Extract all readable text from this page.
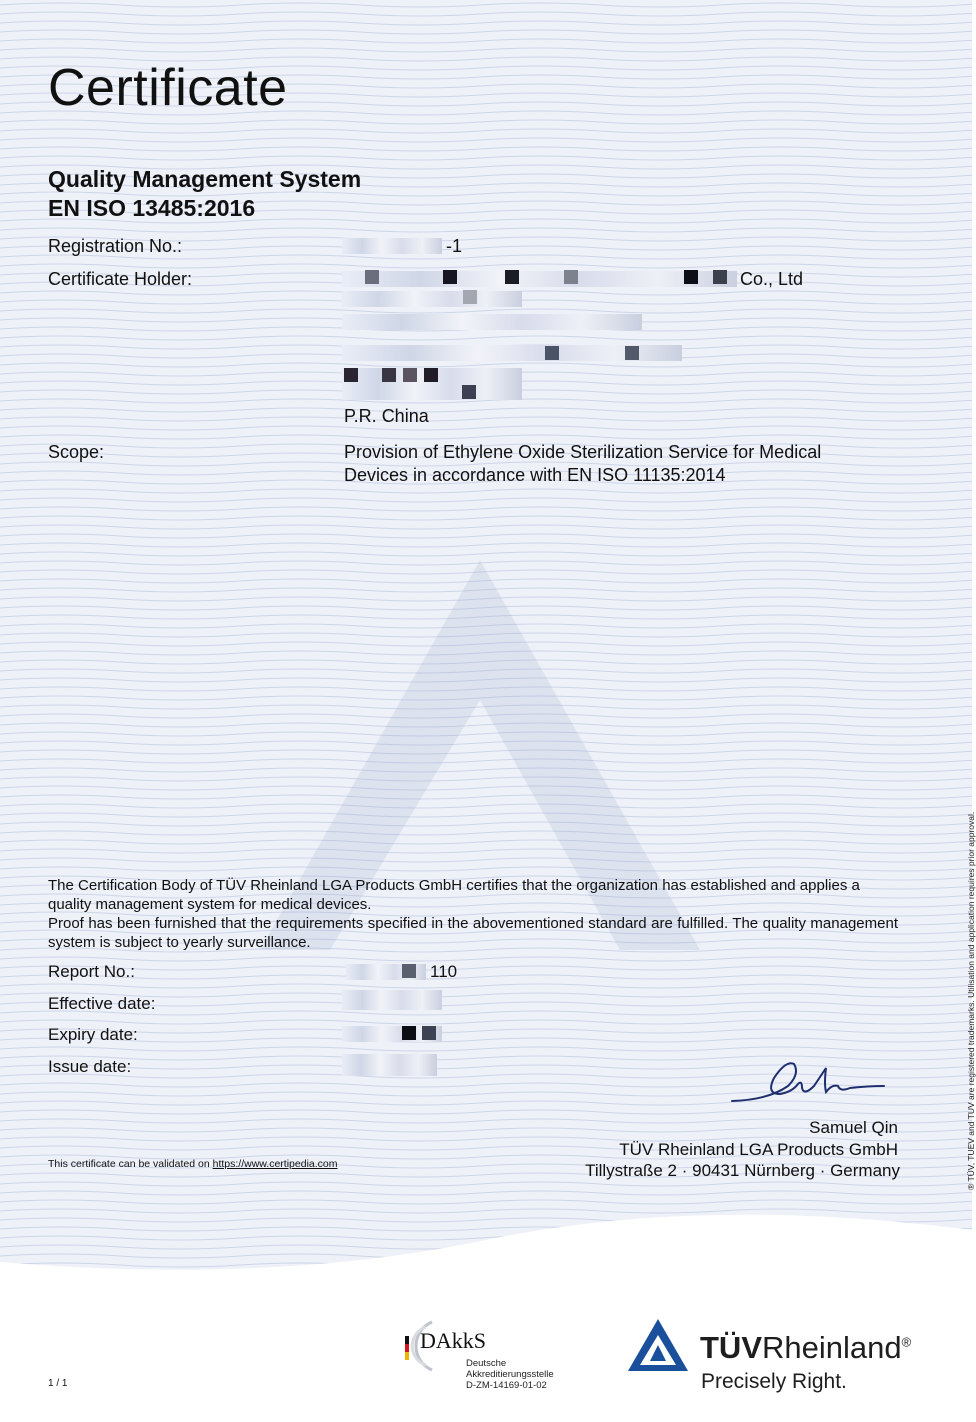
Certificate
Quality Management System
EN ISO 13485:2016
Registration No.:	-1
Certificate Holder:	Co., Ltd
P.R. China
Scope:	Provision of Ethylene Oxide Sterilization Service for Medical
Devices in accordance with EN ISO 11135:2014
The Certification Body of TÜV Rheinland LGA Products GmbH certifies that the organization has established and applies a quality management system for medical devices.
Proof has been furnished that the requirements specified in the abovementioned standard are fulfilled. The quality management system is subject to yearly surveillance.
Report No.:	110
Effective date:
Expiry date:
Issue date:
Samuel Qin
TÜV Rheinland LGA Products GmbH
Tillystraße 2 · 90431 Nürnberg · Germany
This certificate can be validated on https://www.certipedia.com	® TÜV, TUEV and TUV are registered trademarks. Utilisation and application requires prior approval.
1 / 1
DAkkS
Deutsche
Akkreditierungsstelle
D-ZM-14169-01-02
TÜVRheinland®
Precisely Right.
